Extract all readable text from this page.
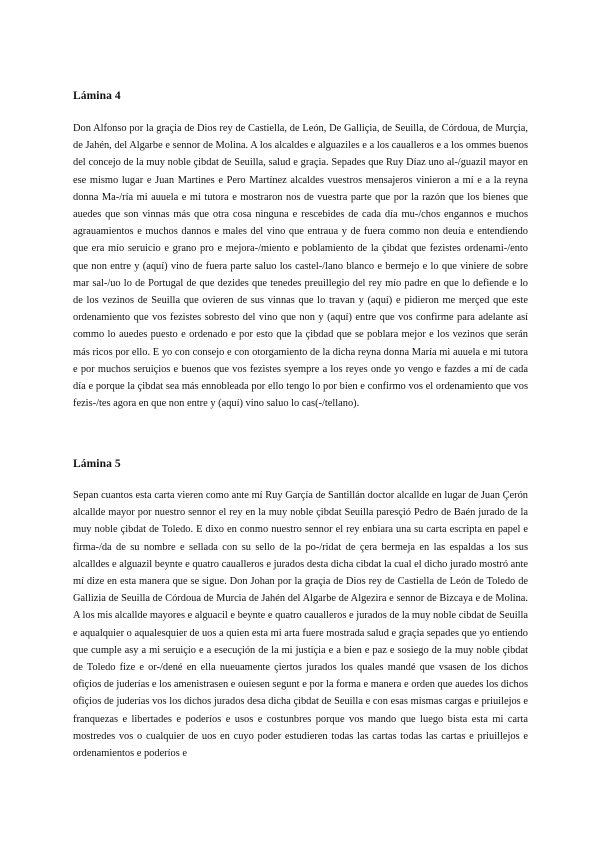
Lámina 4

Don Alfonso por la graçia de Dios rey de Castiella, de León, De Galliçia, de Seuilla, de Córdoua, de Murçia, de Jahén, del Algarbe e sennor de Molina. A los alcaldes e alguaziles e a los caualleros e a los ommes buenos del concejo de la muy noble çibdat de Seuilla, salud e graçia. Sepades que Ruy Díaz uno al-/guazil mayor en ese mismo lugar e Juan Martines e Pero Martínez alcaldes vuestros mensajeros vinieron a mí e a la reyna donna Ma-/ría mi auuela e mi tutora e mostraron nos de vuestra parte que por la razón que los bienes que auedes que son vinnas más que otra cosa ninguna e rescebides de cada día mu-/chos engannos e muchos agrauamientos e muchos dannos e males del vino que entraua y de fuera commo non deuía e entendiendo que era mío seruicio e grano pro e mejora-/miento e poblamiento de la çibdat que fezistes ordenami-/ento que non entre y (aquí) vino de fuera parte saluo los castel-/lano blanco e bermejo e lo que viniere de sobre mar sal-/uo lo de Portugal de que dezides que tenedes preuillegio del rey mío padre en que lo defiende e lo de los vezinos de Seuilla que ovieren de sus vinnas que lo travan y (aquí) e pidieron me merçed que este ordenamiento que vos fezistes sobresto del vino que non y (aquí) entre que vos confirme para adelante así commo lo auedes puesto e ordenado e por esto que la çibdad que se poblara mejor e los vezinos que serán más ricos por ello. E yo con consejo e con otorgamiento de la dicha reyna donna María mi auuela e mi tutora e por muchos seruiçios e buenos que vos fezistes syempre a los reyes onde yo vengo e fazdes a mí de cada día e porque la çibdat sea más ennobleada por ello tengo lo por bien e confirmo vos el ordenamiento que vos fezis-/tes agora en que non entre y (aquí) vino saluo lo cas(-/tellano).

Lámina 5

Sepan cuantos esta carta vieren como ante mí Ruy Garçía de Santillán doctor alcallde en lugar de Juan Çerón alcallde mayor por nuestro sennor el rey en la muy noble çibdat Seuilla paresçió Pedro de Baén jurado de la muy noble çibdat de Toledo. E dixo en conmo nuestro sennor el rey enbiara una su carta escripta en papel e firma-/da de su nombre e sellada con su sello de la po-/ridat de çera bermeja en las espaldas a los sus alcalldes e alguazil beynte e quatro caualleros e jurados desta dicha cibdat la cual el dicho jurado mostró ante mí dize en esta manera que se sigue. Don Johan por la graçia de Dios rey de Castiella de León de Toledo de Gallizia de Seuilla de Córdoua de Murcia de Jahén del Algarbe de Algezira e sennor de Bizcaya e de Molina. A los mis alcallde mayores e alguacil e beynte e quatro caualleros e jurados de la muy noble cibdat de Seuilla e aqualquier o aqualesquier de uos a quien esta mi arta fuere mostrada salud e graçia sepades que yo entiendo que cumple asy a mi seruiçio e a esecuçión de la mi justiçia e a bien e paz e sosiego de la muy noble çibdat de Toledo fize e or-/dené en ella nueuamente çiertos jurados los quales mandé que vsasen de los dichos ofiçios de juderías e los amenistrasen e ouiesen segunt e por la forma e manera e orden que auedes los dichos ofiçios de juderías vos los dichos jurados desa dicha çibdat de Seuilla e con esas mismas cargas e priuilejos e franquezas e libertades e poderíos e usos e costunbres porque vos mando que luego bista esta mi carta mostredes vos o cualquier de uos en cuyo poder estudieren todas las cartas todas las cartas e priuillejos e ordenamientos e poderíos e
